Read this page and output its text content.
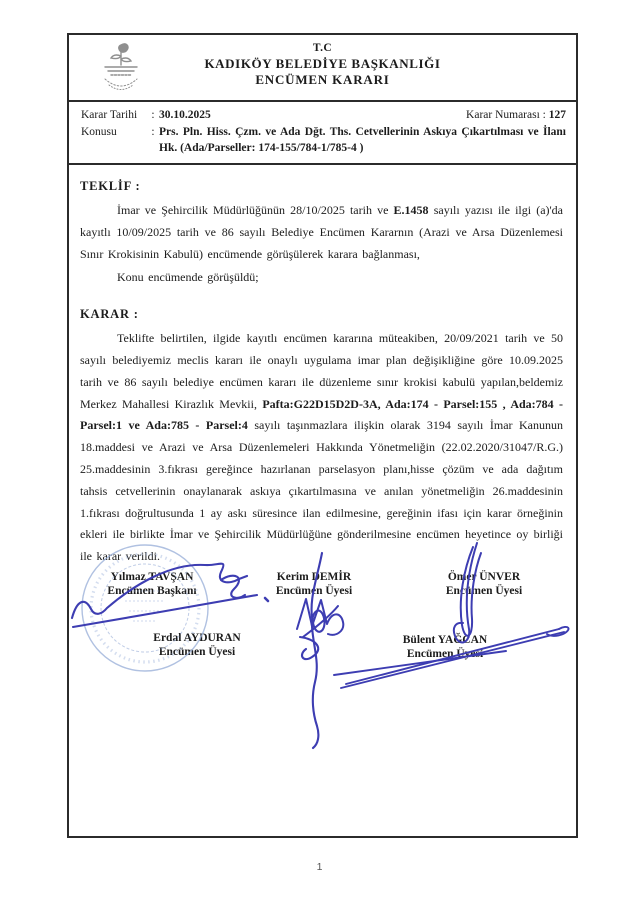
T.C
KADIKÖY BELEDİYE BAŞKANLIĞI
ENCÜMEN KARARI
Karar Tarihi	: 30.10.2025	Karar Numarası : 127
Konusu	: Prs. Pln. Hiss. Çzm. ve Ada Dğt. Ths. Cetvellerinin Askıya Çıkartılması ve İlanı Hk. (Ada/Parseller: 174-155/784-1/785-4 )
TEKLİF :

İmar ve Şehircilik Müdürlüğünün 28/10/2025 tarih ve E.1458 sayılı yazısı ile ilgi (a)'da kayıtlı 10/09/2025 tarih ve 86 sayılı Belediye Encümen Kararnın (Arazi ve Arsa Düzenlemesi Sınır Krokisinin Kabulü) encümende görüşülerek karara bağlanması,

Konu encümende görüşüldü;

KARAR :

Teklifte belirtilen, ilgide kayıtlı encümen kararına müteakiben, 20/09/2021 tarih ve 50 sayılı belediyemiz meclis kararı ile onaylı uygulama imar plan değişikliğine göre 10.09.2025 tarih ve 86 sayılı belediye encümen kararı ile düzenleme sınır krokisi kabulü yapılan,beldemiz Merkez Mahallesi Kirazlık Mevkii, Pafta:G22D15D2D-3A, Ada:174 - Parsel:155 , Ada:784 - Parsel:1 ve Ada:785 - Parsel:4 sayılı taşınmazlara ilişkin olarak 3194 sayılı İmar Kanunun 18.maddesi ve Arazi ve Arsa Düzenlemeleri Hakkında Yönetmeliğin (22.02.2020/31047/R.G.) 25.maddesinin 3.fıkrası gereğince hazırlanan parselasyon planı,hisse çözüm ve ada dağıtım tahsis cetvellerinin onaylanarak askıya çıkartılmasına ve anılan yönetmeliğin 26.maddesinin 1.fıkrası doğrultusunda 1 ay askı süresince ilan edilmesine, gereğinin ifası için karar örneğinin ekleri ile birlikte İmar ve Şehircilik Müdürlüğüne gönderilmesine encümen heyetince oy birliği ile karar verildi.

Yılmaz TAVŞAN
Encümen Başkanı
Kerim DEMİR
Encümen Üyesi
Ömer ÜNVER
Encümen Üyesi
Erdal AYDURAN
Encümen Üyesi
Bülent YAĞCAN
Encümen Üyesi
1
